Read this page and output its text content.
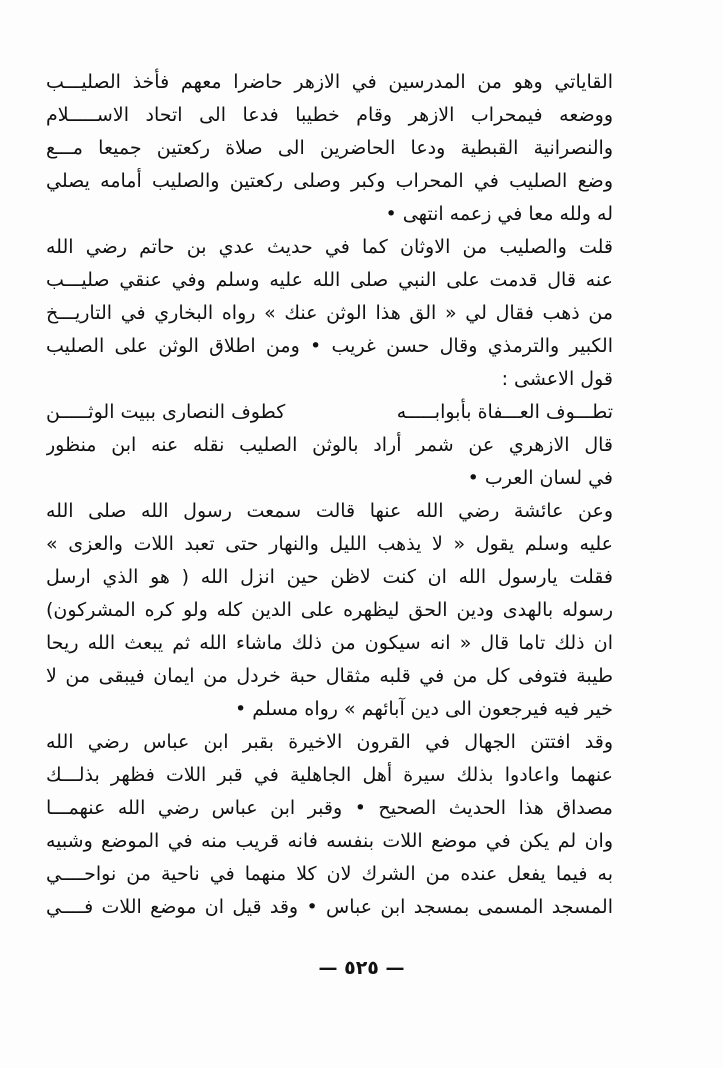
القاياتي وهو من المدرسين في الازهر حاضرا معهم فأخذ الصليـــب
ووضعه فيمحراب الازهر وقام خطيبا فدعا الى اتحاد الاســـــلام
والنصرانية القبطية ودعا الحاضرين الى صلاة ركعتين جميعا مـــع
وضع الصليب في المحراب وكبر وصلى ركعتين والصليب أمامه يصلي
له ولله معا في زعمه انتهى •
قلت والصليب من الاوثان كما في حديث عدي بن حاتم رضي الله
عنه قال قدمت على النبي صلى الله عليه وسلم وفي عنقي صليـــب
من ذهب فقال لي « الق هذا الوثن عنك » رواه البخاري في التاريـــخ
الكبير والترمذي وقال حسن غريب • ومن اطلاق الوثن على الصليب
قول الاعشى :
تطـــوف العـــفاة بأبوابـــــه
كطوف النصارى ببيت الوثـــــن
قال الازهري عن شمر أراد بالوثن الصليب نقله عنه ابن منظور
في لسان العرب •
وعن عائشة رضي الله عنها قالت سمعت رسول الله صلى الله
عليه وسلم يقول « لا يذهب الليل والنهار حتى تعبد اللات والعزى »
فقلت يارسول الله ان كنت لاظن حين انزل الله ( هو الذي ارسل
رسوله بالهدى ودين الحق ليظهره على الدين كله ولو كره المشركون)
ان ذلك تاما قال « انه سيكون من ذلك ماشاء الله ثم يبعث الله ريحا
طيبة فتوفى كل من في قلبه مثقال حبة خردل من ايمان فيبقى من لا
خير فيه فيرجعون الى دين آبائهم » رواه مسلم •
وقد افتتن الجهال في القرون الاخيرة بقبر ابن عباس رضي الله
عنهما واعادوا بذلك سيرة أهل الجاهلية في قبر اللات فظهر بذلـــك
مصداق هذا الحديث الصحيح • وقبر ابن عباس رضي الله عنهمـــا
وان لم يكن في موضع اللات بنفسه فانه قريب منه في الموضع وشبيه
به فيما يفعل عنده من الشرك لان كلا منهما في ناحية من نواحــــي
المسجد المسمى بمسجد ابن عباس • وقد قيل ان موضع اللات فــــي
— ٥٢٥ —
